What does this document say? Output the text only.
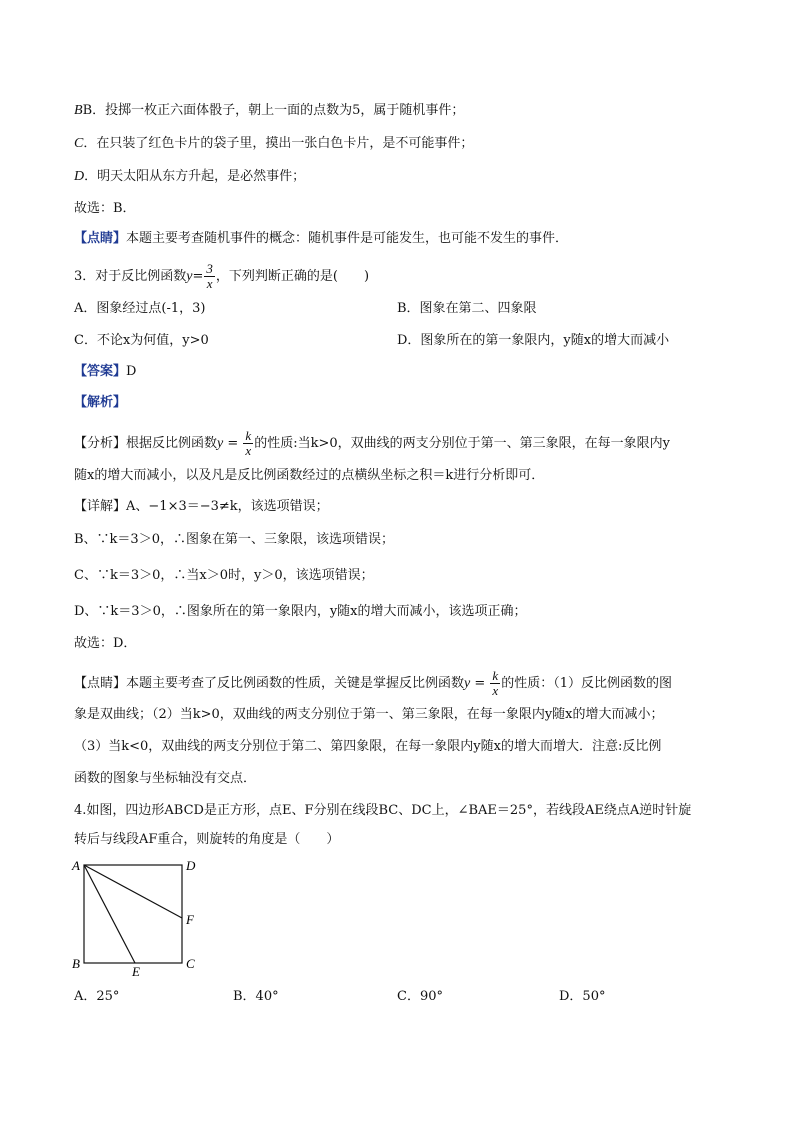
BB．投掷一枚正六面体骰子，朝上一面的点数为5，属于随机事件；
C．在只装了红色卡片的袋子里，摸出一张白色卡片，是不可能事件；
D．明天太阳从东方升起，是必然事件；
故选：B．
【点睛】本题主要考查随机事件的概念：随机事件是可能发生，也可能不发生的事件．
3．对于反比例函数$y= \frac{3}{x}$ ，下列判断正确的是(　　)
A．图象经过点(-1，3)	B．图象在第二、四象限
C．不论x为何值，y>0	D．图象所在的第一象限内，y随x的增大而减小
【答案】D
【解析】
【分析】根据反比例函数$y = \frac{k}{x}$ 的性质:当k>0，双曲线的两支分别位于第一、第三象限，在每一象限内y
随x的增大而减小，以及凡是反比例函数经过的点横纵坐标之积＝k进行分析即可．
【详解】A、−1×3＝−3≠k，该选项错误；
B、∵k＝3＞0，∴图象在第一、三象限，该选项错误；
C、∵k＝3＞0，∴当x＞0时，y＞0，该选项错误；
D、∵k＝3＞0，∴图象所在的第一象限内，y随x的增大而减小，该选项正确；
故选：D．
【点睛】本题主要考查了反比例函数的性质，关键是掌握反比例函数$y = \frac{k}{x}$ 的性质：（1）反比例函数的图
象是双曲线；（2）当k>0，双曲线的两支分别位于第一、第三象限，在每一象限内y随x的增大而减小；
（3）当k<0，双曲线的两支分别位于第二、第四象限，在每一象限内y随x的增大而增大．注意:反比例
函数的图象与坐标轴没有交点．
4.如图，四边形ABCD是正方形，点E、F分别在线段BC、DC上，∠BAE＝25°，若线段AE绕点A逆时针旋
转后与线段AF重合，则旋转的角度是（　　）
A	D
F
B
E
C
A．25°	B．40°	C．90°	D．50°
